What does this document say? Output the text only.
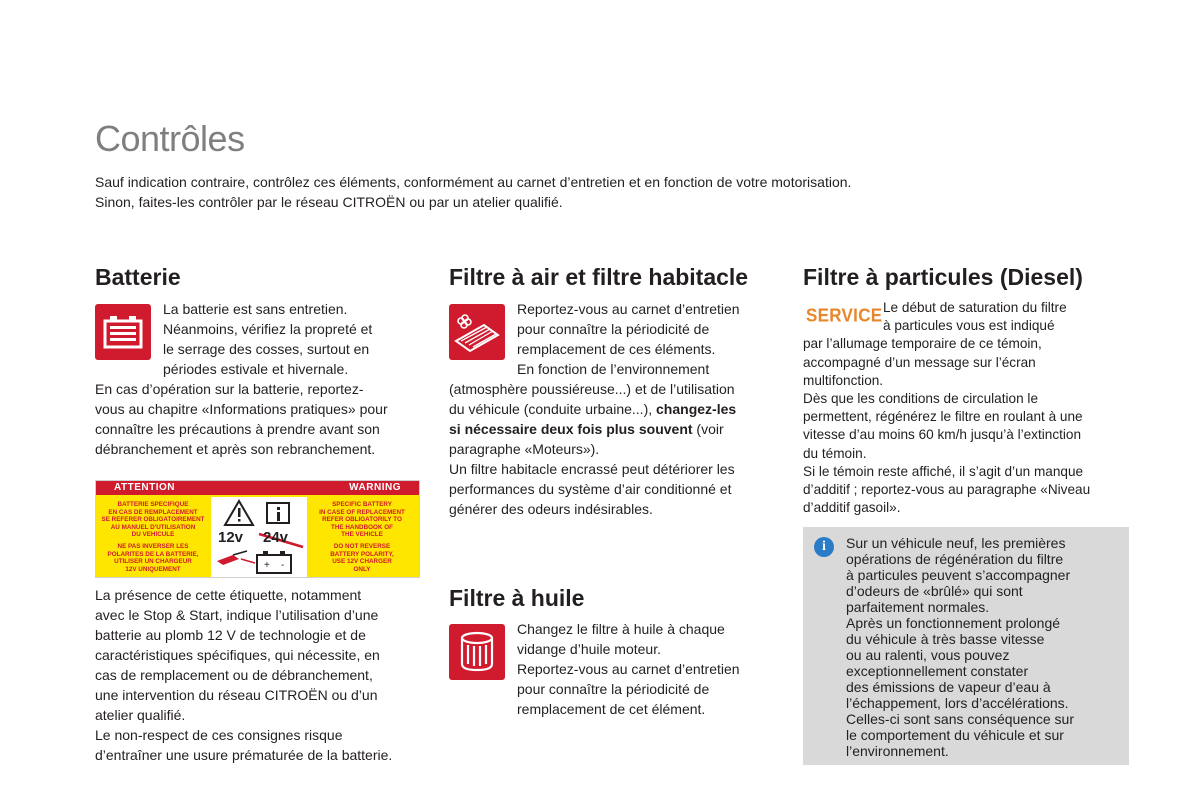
Contrôles
Sauf indication contraire, contrôlez ces éléments, conformément au carnet d’entretien et en fonction de votre motorisation.
Sinon, faites-les contrôler par le réseau CITROËN ou par un atelier qualifié.
Batterie
La batterie est sans entretien.
Néanmoins, vérifiez la propreté et
le serrage des cosses, surtout en
périodes estivale et hivernale.
En cas d’opération sur la batterie, reportez-
vous au chapitre «Informations pratiques» pour
connaître les précautions à prendre avant son
débranchement et après son rebranchement.
ATTENTION	WARNING
BATTERIE SPECIFIQUE
EN CAS DE REMPLACEMENT
SE REFERER OBLIGATOIREMENT
AU MANUEL D'UTILISATION
DU VEHICULE
NE PAS INVERSER LES
POLARITES DE LA BATTERIE,
UTILISER UN CHARGEUR
12V UNIQUEMENT
SPECIFIC BATTERY
IN CASE OF REPLACEMENT
REFER OBLIGATORILY TO
THE HANDBOOK OF
THE VEHICLE
DO NOT REVERSE
BATTERY POLARITY,
USE 12V CHARGER
ONLY
+ -
12v 24v
La présence de cette étiquette, notamment
avec le Stop & Start, indique l’utilisation d’une
batterie au plomb 12 V de technologie et de
caractéristiques spécifiques, qui nécessite, en
cas de remplacement ou de débranchement,
une intervention du réseau CITROËN ou d’un
atelier qualifié.
Le non-respect de ces consignes risque
d’entraîner une usure prématurée de la batterie.
Filtre à air et filtre habitacle
Reportez-vous au carnet d’entretien
pour connaître la périodicité de
remplacement de ces éléments.
En fonction de l’environnement
(atmosphère poussiéreuse...) et de l’utilisation
du véhicule (conduite urbaine...), changez-les
si nécessaire deux fois plus souvent (voir
paragraphe «Moteurs»).
Un filtre habitacle encrassé peut détériorer les
performances du système d’air conditionné et
générer des odeurs indésirables.
Filtre à huile
Changez le filtre à huile à chaque
vidange d’huile moteur.
Reportez-vous au carnet d’entretien
pour connaître la périodicité de
remplacement de cet élément.
Filtre à particules (Diesel)
SERVICE Le début de saturation du filtre
à particules vous est indiqué
par l’allumage temporaire de ce témoin,
accompagné d’un message sur l’écran
multifonction.
Dès que les conditions de circulation le
permettent, régénérez le filtre en roulant à une
vitesse d’au moins 60 km/h jusqu’à l’extinction
du témoin.
Si le témoin reste affiché, il s’agit d’un manque
d’additif ; reportez-vous au paragraphe «Niveau
d’additif gasoil».
i	Sur un véhicule neuf, les premières
opérations de régénération du filtre
à particules peuvent s’accompagner
d’odeurs de «brûlé» qui sont
parfaitement normales.
Après un fonctionnement prolongé
du véhicule à très basse vitesse
ou au ralenti, vous pouvez
exceptionnellement constater
des émissions de vapeur d’eau à
l’échappement, lors d’accélérations.
Celles-ci sont sans conséquence sur
le comportement du véhicule et sur
l’environnement.
